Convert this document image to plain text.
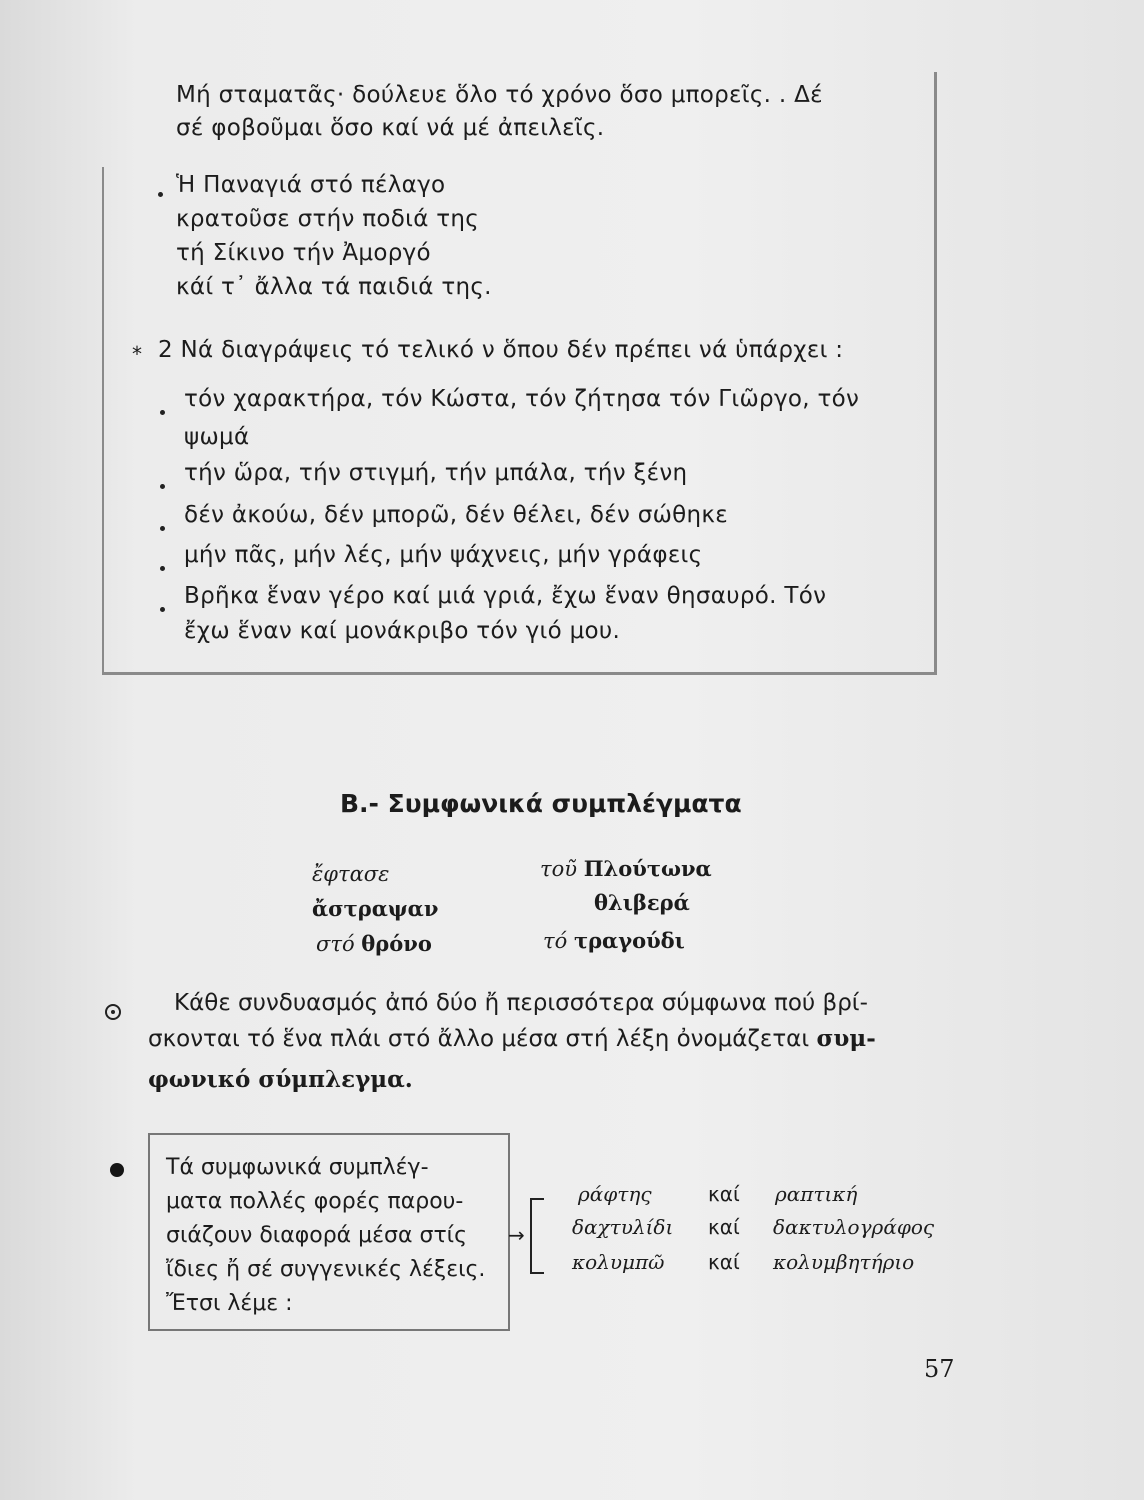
Μή σταματᾶς· δούλευε ὅλο τό χρόνο ὅσο μπορεῖς. . Δέ
σέ φοβοῦμαι ὅσο καί νά μέ ἀπειλεῖς.
Ἡ Παναγιά στό πέλαγο
κρατοῦσε στήν ποδιά της
τή Σίκινο τήν Ἀμοργό
κάί τ᾽ ἄλλα τά παιδιά της.
* 2 Νά διαγράψεις τό τελικό ν ὅπου δέν πρέπει νά ὑπάρχει :
τόν χαρακτήρα, τόν Κώστα, τόν ζήτησα τόν Γιῶργο, τόν
ψωμά
τήν ὥρα, τήν στιγμή, τήν μπάλα, τήν ξένη
δέν ἀκούω, δέν μπορῶ, δέν θέλει, δέν σώθηκε
μήν πᾶς, μήν λές, μήν ψάχνεις, μήν γράφεις
Βρῆκα ἕναν γέρο καί μιά γριά, ἔχω ἕναν θησαυρό. Τόν
ἔχω ἕναν καί μονάκριβο τόν γιό μου.
Β.- Συμφωνικά συμπλέγματα
ἔφτασε
ἄστραψαν
στό θρόνο
τοῦ Πλούτωνα
θλιβερά
τό τραγούδι
Κάθε συνδυασμός ἀπό δύο ἤ περισσότερα σύμφωνα πού βρί-
σκονται τό ἕνα πλάι στό ἄλλο μέσα στή λέξη ὀνομάζεται συμ-
φωνικό σύμπλεγμα.
Τά συμφωνικά συμπλέγ-
ματα πολλές φορές παρου-
σιάζουν διαφορά μέσα στίς
ἴδιες ἤ σέ συγγενικές λέξεις.
Ἔτσι λέμε :
→
ράφτης	καί ραπτική
δαχτυλίδι καί δακτυλογράφος
κολυμπῶ καί κολυμβητήριο
57
